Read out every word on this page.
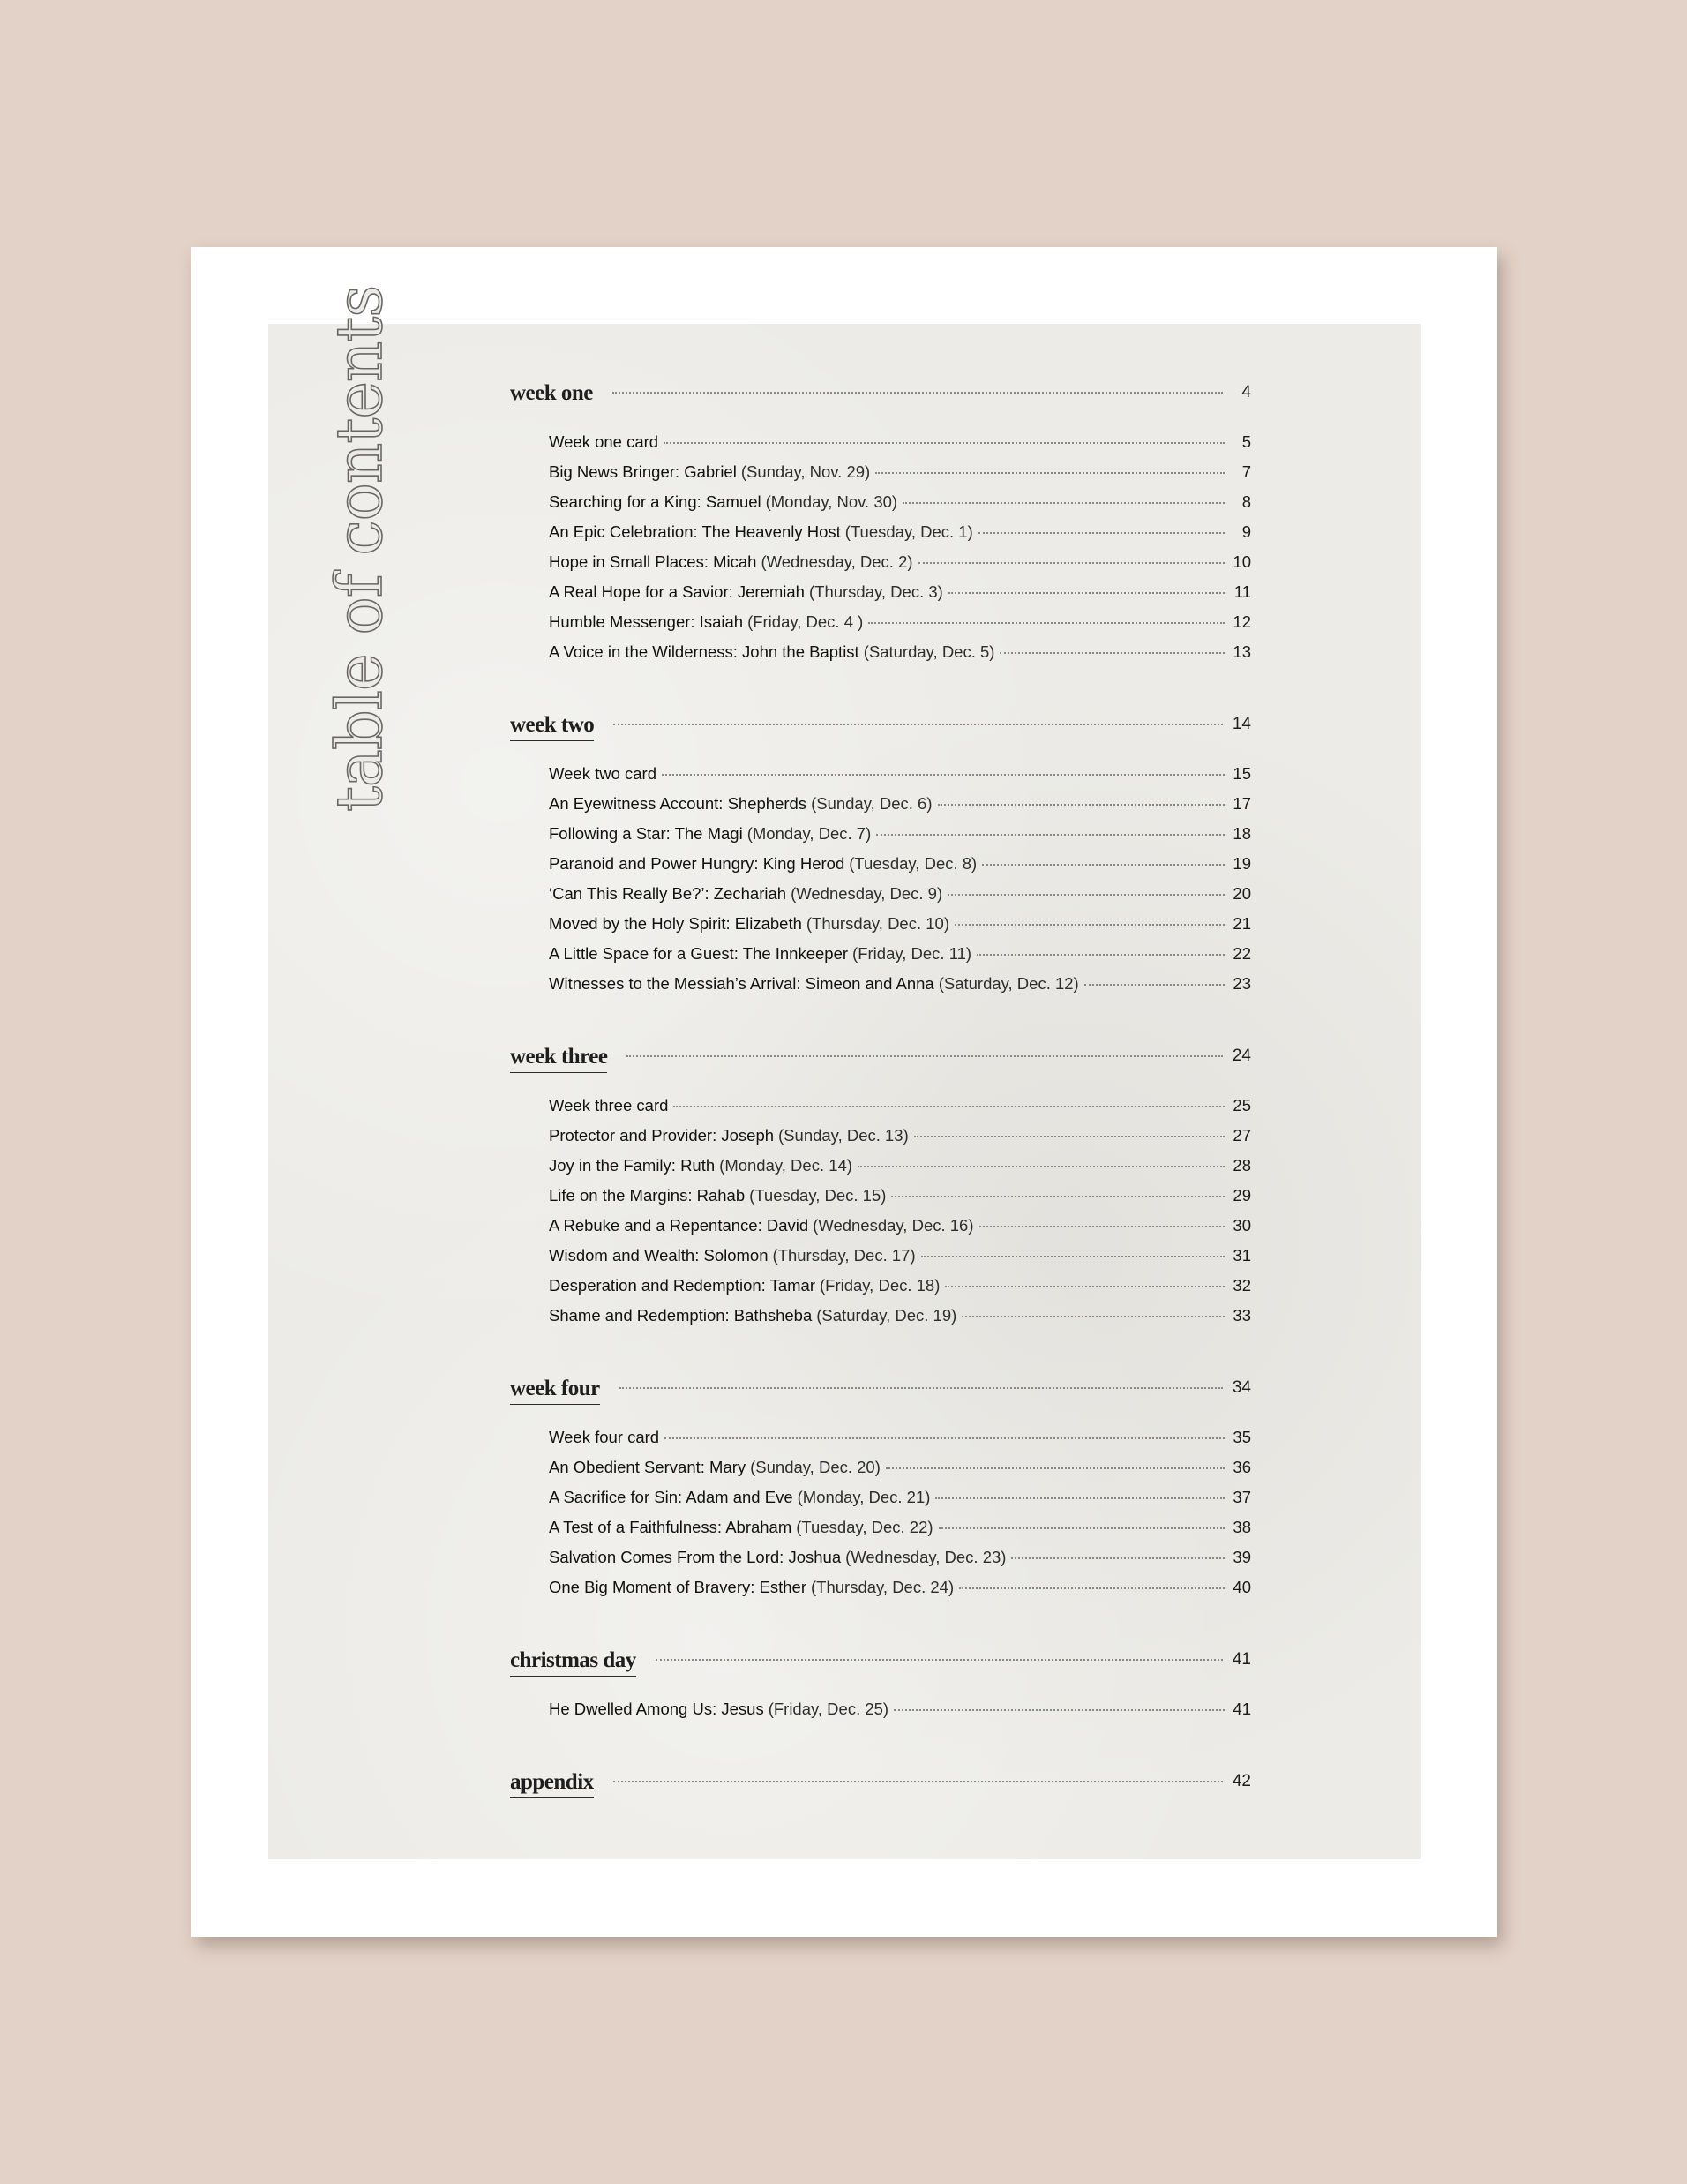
table of contents	week one	4
Week one card	5
Big News Bringer: Gabriel (Sunday, Nov. 29)	7
Searching for a King: Samuel (Monday, Nov. 30)	8
An Epic Celebration: The Heavenly Host (Tuesday, Dec. 1)	9
Hope in Small Places: Micah (Wednesday, Dec. 2)	10
A Real Hope for a Savior: Jeremiah (Thursday, Dec. 3)	11
Humble Messenger: Isaiah (Friday, Dec. 4 )	12
A Voice in the Wilderness: John the Baptist (Saturday, Dec. 5)	13
week two	14
Week two card	15
An Eyewitness Account: Shepherds (Sunday, Dec. 6)	17
Following a Star: The Magi (Monday, Dec. 7)	18
Paranoid and Power Hungry: King Herod (Tuesday, Dec. 8)	19
‘Can This Really Be?’: Zechariah (Wednesday, Dec. 9)	20
Moved by the Holy Spirit: Elizabeth (Thursday, Dec. 10)	21
A Little Space for a Guest: The Innkeeper (Friday, Dec. 11)	22
Witnesses to the Messiah’s Arrival: Simeon and Anna (Saturday, Dec. 12)	23
week three	24
Week three card	25
Protector and Provider: Joseph (Sunday, Dec. 13)	27
Joy in the Family: Ruth (Monday, Dec. 14)	28
Life on the Margins: Rahab (Tuesday, Dec. 15)	29
A Rebuke and a Repentance: David (Wednesday, Dec. 16)	30
Wisdom and Wealth: Solomon (Thursday, Dec. 17)	31
Desperation and Redemption: Tamar (Friday, Dec. 18)	32
Shame and Redemption: Bathsheba (Saturday, Dec. 19)	33
week four	34
Week four card	35
An Obedient Servant: Mary (Sunday, Dec. 20)	36
A Sacrifice for Sin: Adam and Eve (Monday, Dec. 21)	37
A Test of a Faithfulness: Abraham (Tuesday, Dec. 22)	38
Salvation Comes From the Lord: Joshua (Wednesday, Dec. 23)	39
One Big Moment of Bravery: Esther (Thursday, Dec. 24)	40
christmas day	41
He Dwelled Among Us: Jesus (Friday, Dec. 25)	41
appendix	42
